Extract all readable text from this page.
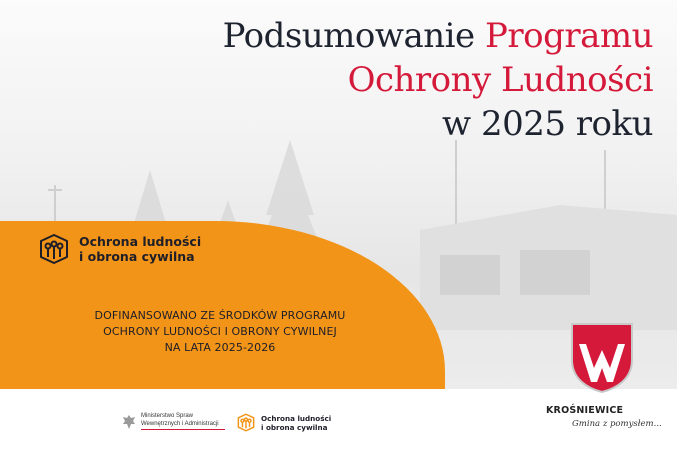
Podsumowanie Programu
Ochrony Ludności
w 2025 roku
Ochrona ludności
i obrona cywilna
DOFINANSOWANO ZE ŚRODKÓW PROGRAMU
OCHRONY LUDNOŚCI I OBRONY CYWILNEJ
NA LATA 2025-2026
Ministerstwo Spraw
Wewnętrznych i Administracji
Ochrona ludności
i obrona cywilna
KROŚNIEWICE
Gmina z pomysłem...
